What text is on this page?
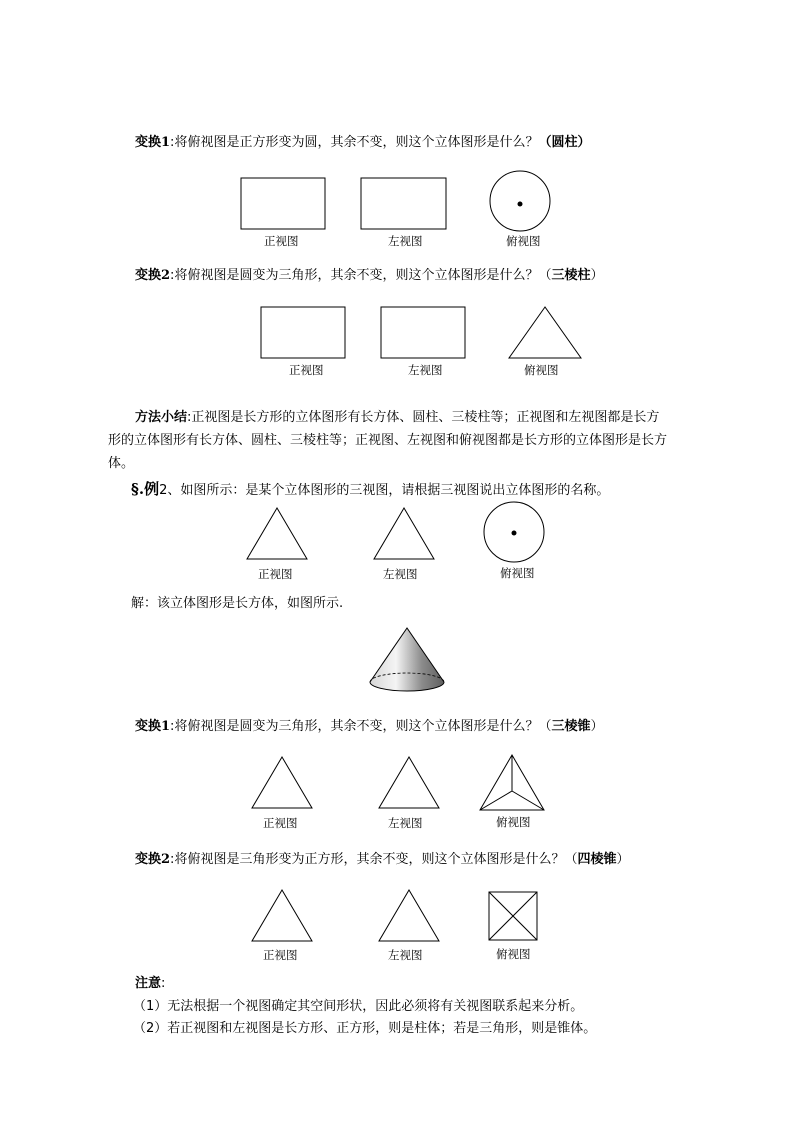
变换1:将俯视图是正方形变为圆，其余不变，则这个立体图形是什么？（圆柱）
正视图	左视图	俯视图
变换2:将俯视图是圆变为三角形，其余不变，则这个立体图形是什么？（三棱柱）
正视图	左视图	俯视图
方法小结:正视图是长方形的立体图形有长方体、圆柱、三棱柱等；正视图和左视图都是长方
形的立体图形有长方体、圆柱、三棱柱等；正视图、左视图和俯视图都是长方形的立体图形是长方
体。
§.例2、如图所示：是某个立体图形的三视图，请根据三视图说出立体图形的名称。
正视图	左视图	俯视图
解：该立体图形是长方体，如图所示.
变换1:将俯视图是圆变为三角形，其余不变，则这个立体图形是什么？（三棱锥）
正视图	左视图	俯视图
变换2:将俯视图是三角形变为正方形，其余不变，则这个立体图形是什么？（四棱锥）
正视图	左视图	俯视图
注意:
（1）无法根据一个视图确定其空间形状，因此必须将有关视图联系起来分析。
（2）若正视图和左视图是长方形、正方形，则是柱体；若是三角形，则是锥体。
